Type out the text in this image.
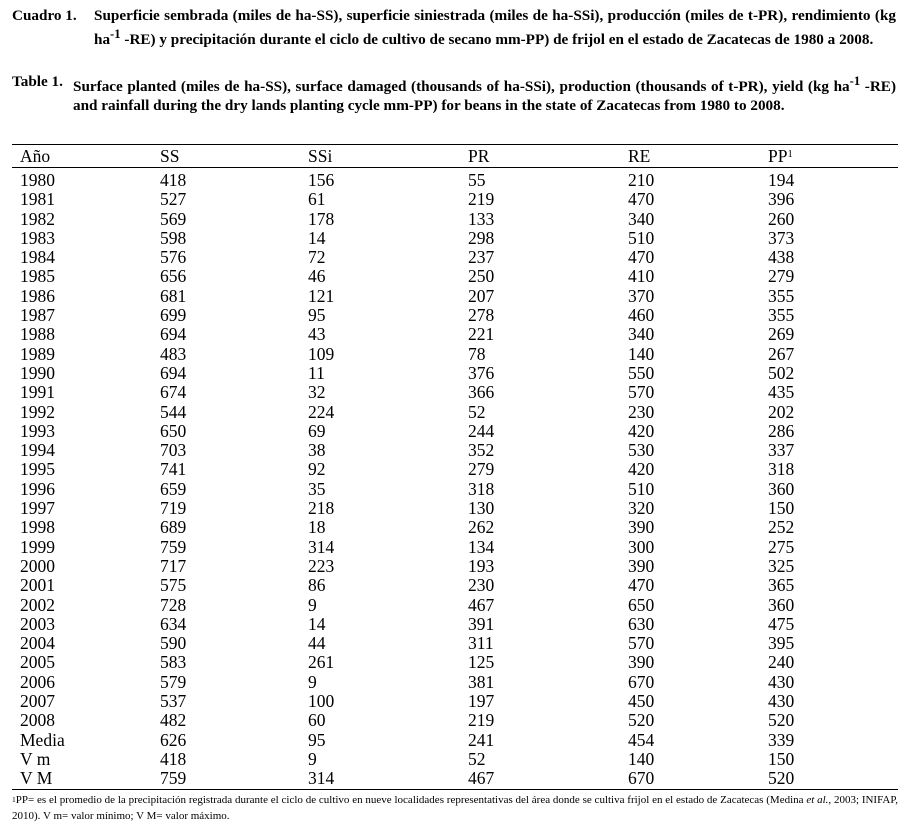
Cuadro 1.	Superficie sembrada (miles de ha-SS), superficie siniestrada (miles de ha-SSi), producción (miles de t-PR), rendimiento (kg $ha^{-1}$ -RE) y precipitación durante el ciclo de cultivo de secano mm-PP) de frijol en el estado de Zacatecas de 1980 a 2008.
Table 1. Surface planted (miles de ha-SS), surface damaged (thousands of ha-SSi), production (thousands of t-PR), yield (kg $ha^{-1}$ -RE) and rainfall during the dry lands planting cycle mm-PP) for beans in the state of Zacatecas from 1980 to 2008.
Año	SS	SSi	PR	RE	$PP^1$
1980	418	156	55	210	194
1981	527	61	219	470	396
1982	569	178	133	340	260
1983	598	14	298	510	373
1984	576	72	237	470	438
1985	656	46	250	410	279
1986	681	121	207	370	355
1987	699	95	278	460	355
1988	694	43	221	340	269
1989	483	109	78	140	267
1990	694	11	376	550	502
1991	674	32	366	570	435
1992	544	224	52	230	202
1993	650	69	244	420	286
1994	703	38	352	530	337
1995	741	92	279	420	318
1996	659	35	318	510	360
1997	719	218	130	320	150
1998	689	18	262	390	252
1999	759	314	134	300	275
2000	717	223	193	390	325
2001	575	86	230	470	365
2002	728	9	467	650	360
2003	634	14	391	630	475
2004	590	44	311	570	395
2005	583	261	125	390	240
2006	579	9	381	670	430
2007	537	100	197	450	430
2008	482	60	219	520	520
Media	626	95	241	454	339
V m	418	9	52	140	150
V M	759	314	467	670	520
$^1$PP= es el promedio de la precipitación registrada durante el ciclo de cultivo en nueve localidades representativas del área donde se cultiva frijol en el estado de Zacatecas (Medina et al., 2003; INIFAP, 2010). V m= valor mínimo; V M= valor máximo.
